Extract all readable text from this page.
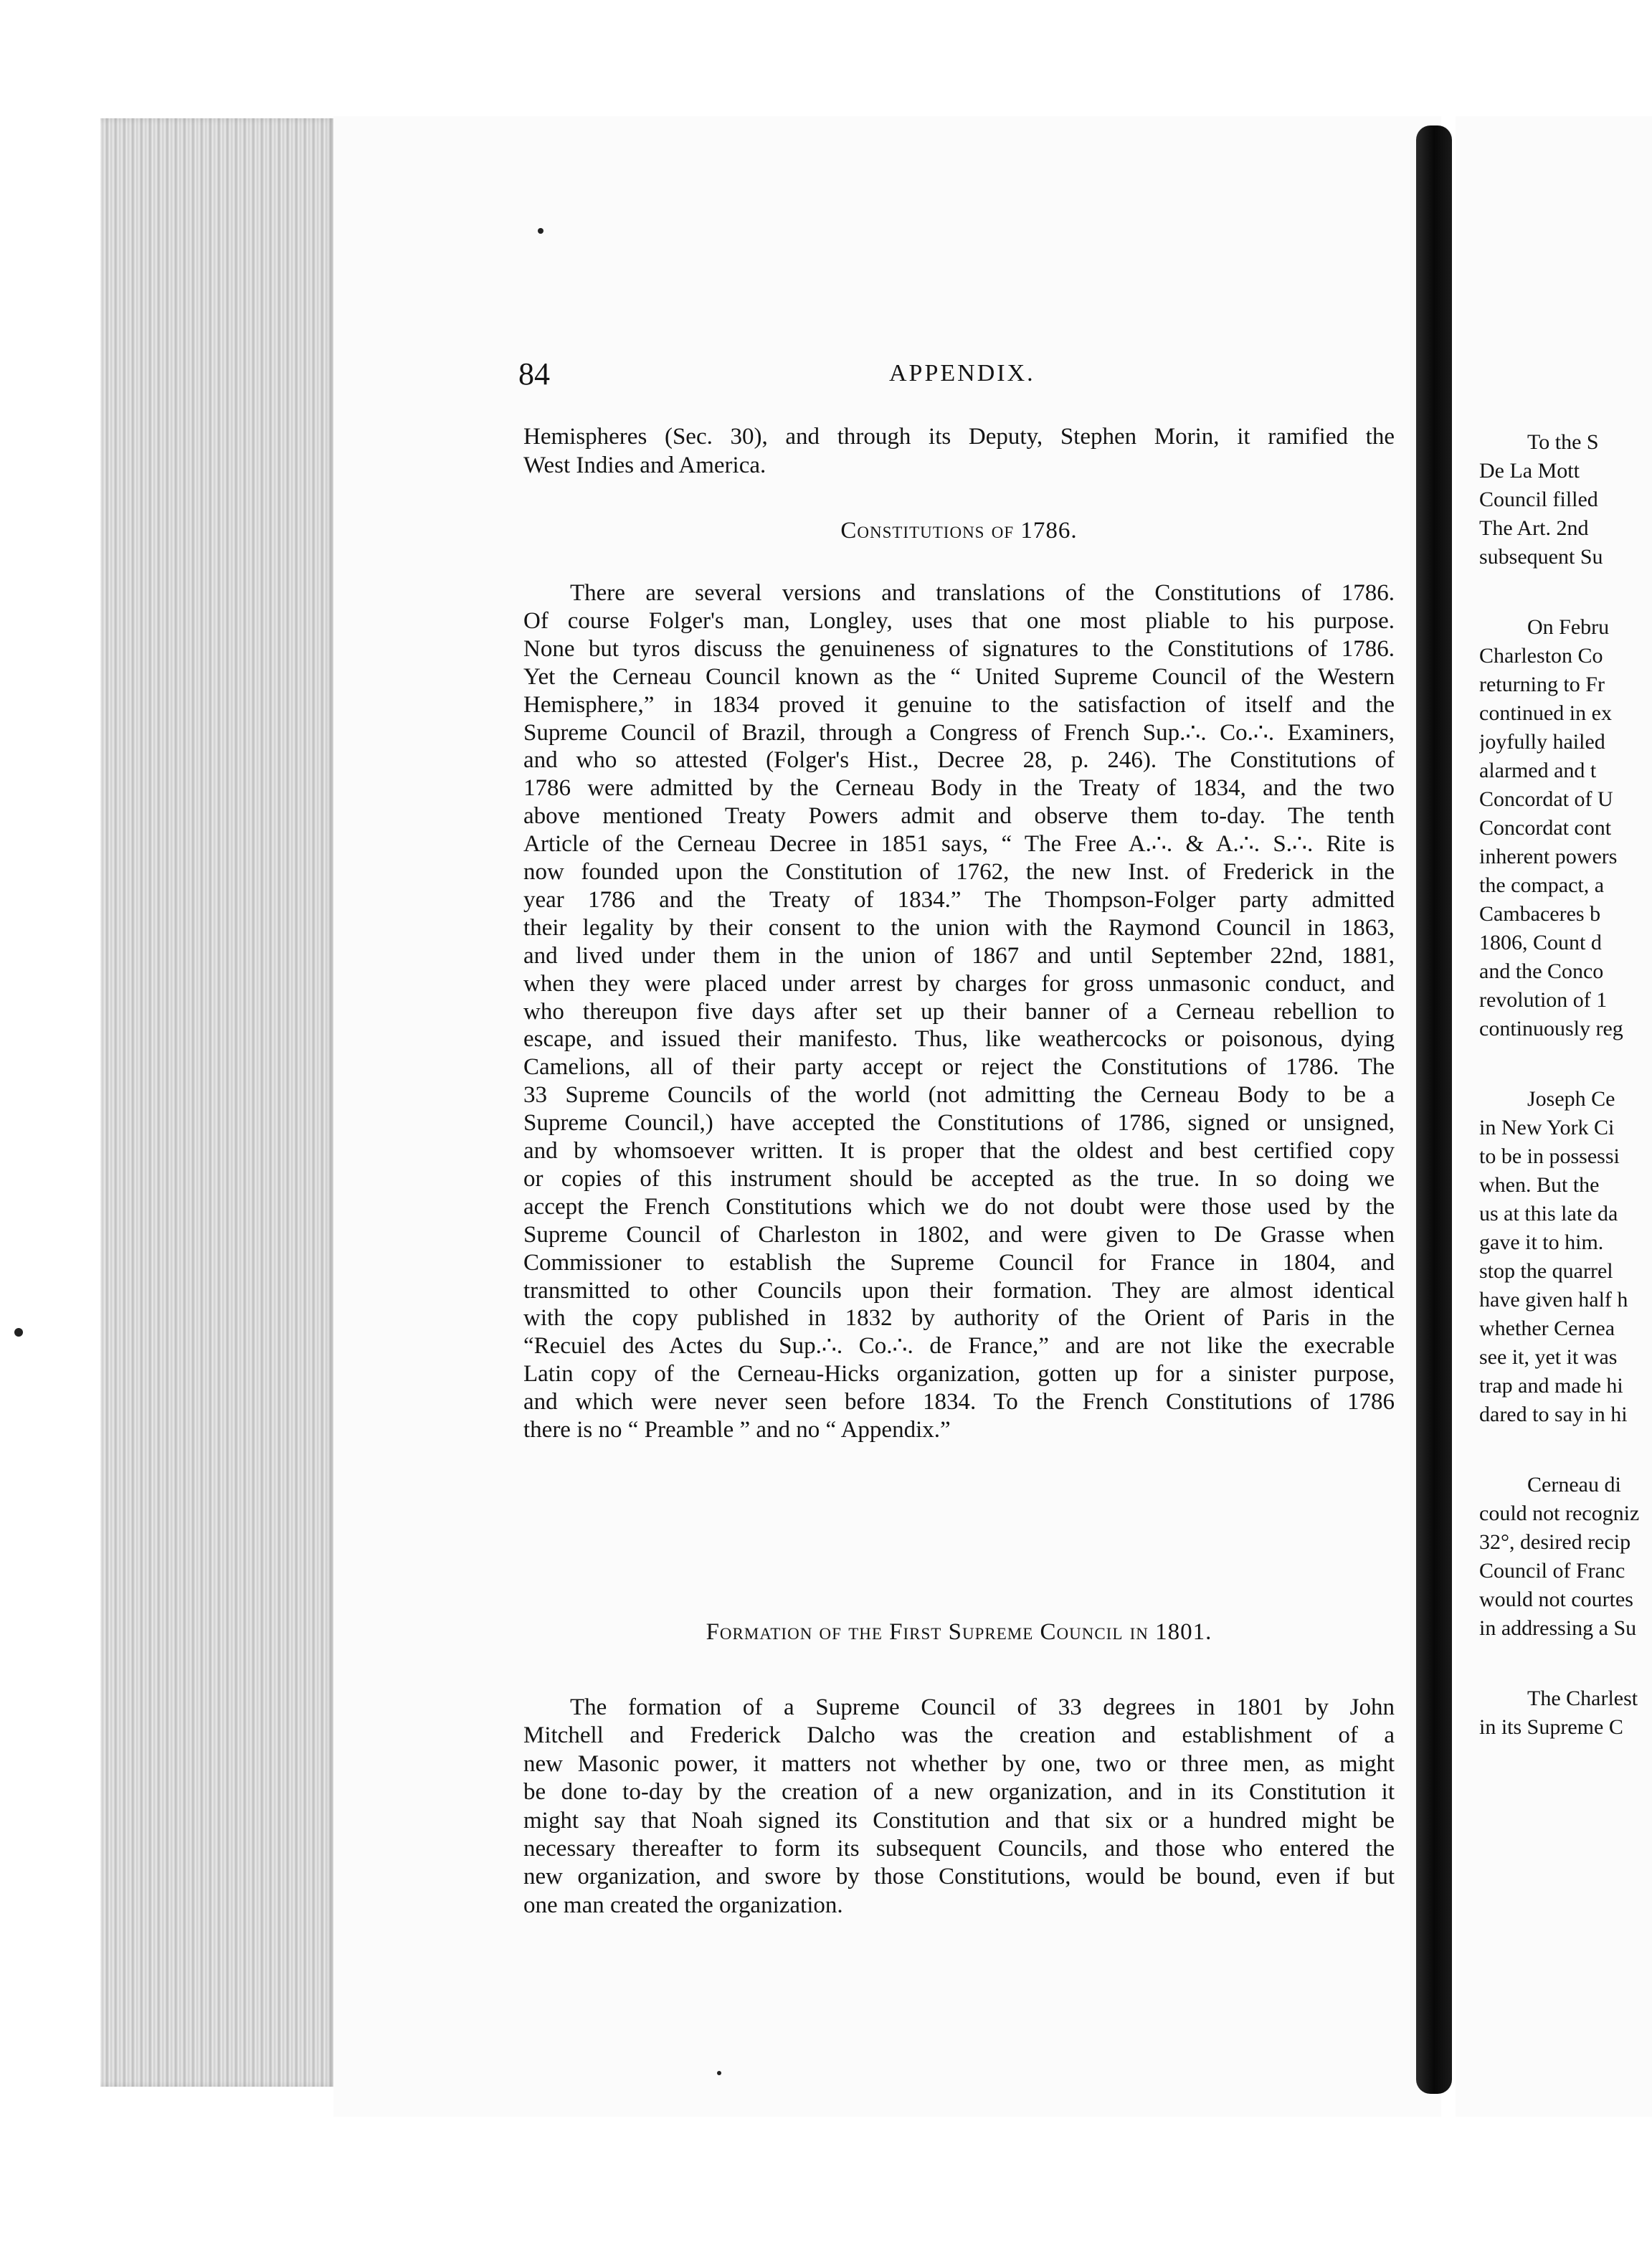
84	APPENDIX.
Hemispheres (Sec. 30), and through its Deputy, Stephen Morin, it ramified the
West Indies and America.
Constitutions of 1786.
There are several versions and translations of the Constitutions of 1786.
Of course Folger's man, Longley, uses that one most pliable to his purpose.
None but tyros discuss the genuineness of signatures to the Constitutions of 1786.
Yet the Cerneau Council known as the “ United Supreme Council of the Western
Hemisphere,” in 1834 proved it genuine to the satisfaction of itself and the
Supreme Council of Brazil, through a Congress of French Sup.∴. Co.∴. Examiners,
and who so attested (Folger's Hist., Decree 28, p. 246). The Constitutions of
1786 were admitted by the Cerneau Body in the Treaty of 1834, and the two
above mentioned Treaty Powers admit and observe them to-day. The tenth
Article of the Cerneau Decree in 1851 says, “ The Free A.∴. & A.∴. S.∴. Rite is
now founded upon the Constitution of 1762, the new Inst. of Frederick in the
year 1786 and the Treaty of 1834.” The Thompson-Folger party admitted
their legality by their consent to the union with the Raymond Council in 1863,
and lived under them in the union of 1867 and until September 22nd, 1881,
when they were placed under arrest by charges for gross unmasonic conduct, and
who thereupon five days after set up their banner of a Cerneau rebellion to
escape, and issued their manifesto. Thus, like weathercocks or poisonous, dying
Camelions, all of their party accept or reject the Constitutions of 1786. The
33 Supreme Councils of the world (not admitting the Cerneau Body to be a
Supreme Council,) have accepted the Constitutions of 1786, signed or unsigned,
and by whomsoever written. It is proper that the oldest and best certified copy
or copies of this instrument should be accepted as the true. In so doing we
accept the French Constitutions which we do not doubt were those used by the
Supreme Council of Charleston in 1802, and were given to De Grasse when
Commissioner to establish the Supreme Council for France in 1804, and
transmitted to other Councils upon their formation. They are almost identical
with the copy published in 1832 by authority of the Orient of Paris in the
“Recuiel des Actes du Sup.∴. Co.∴. de France,” and are not like the execrable
Latin copy of the Cerneau-Hicks organization, gotten up for a sinister purpose,
and which were never seen before 1834. To the French Constitutions of 1786
there is no “ Preamble ” and no “ Appendix.”
Formation of the First Supreme Council in 1801.
The formation of a Supreme Council of 33 degrees in 1801 by John
Mitchell and Frederick Dalcho was the creation and establishment of a
new Masonic power, it matters not whether by one, two or three men, as might
be done to-day by the creation of a new organization, and in its Constitution it
might say that Noah signed its Constitution and that six or a hundred might be
necessary thereafter to form its subsequent Councils, and those who entered the
new organization, and swore by those Constitutions, would be bound, even if but
one man created the organization.
To the S
De La Mott
Council filled
The Art. 2nd
subsequent Su
On Febru
Charleston Co
returning to Fr
continued in ex
joyfully hailed
alarmed and t
Concordat of U
Concordat cont
inherent powers
the compact, a
Cambaceres b
1806, Count d
and the Conco
revolution of 1
continuously reg
Joseph Ce
in New York Ci
to be in possessi
when. But the
us at this late da
gave it to him.
stop the quarrel
have given half h
whether Cernea
see it, yet it was
trap and made hi
dared to say in hi
Cerneau di
could not recogniz
32°, desired recip
Council of Franc
would not courtes
in addressing a Su
The Charlest
in its Supreme C
